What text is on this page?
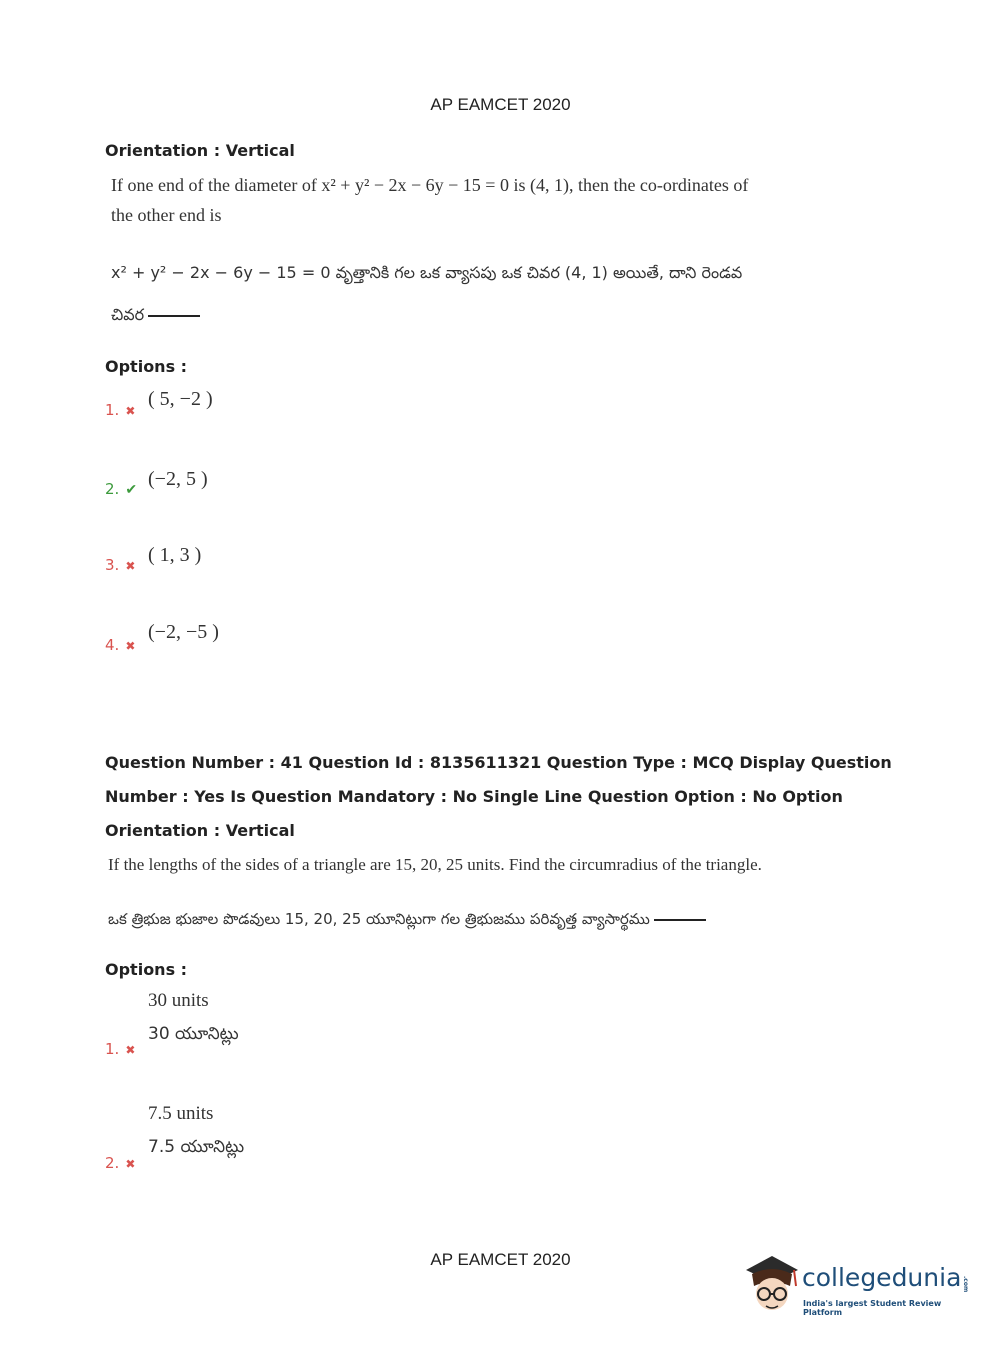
AP EAMCET 2020
Orientation : Vertical
If one end of the diameter of x² + y² − 2x − 6y − 15 = 0 is (4, 1), then the co-ordinates of
the other end is
x² + y² − 2x − 6y − 15 = 0 వృత్తానికి గల ఒక వ్యాసపు ఒక చివర (4, 1) అయితే, దాని రెండవ
చివర
Options :
1. ✖
( 5, −2 )
2. ✔ (−2, 5 )
3. ✖ ( 1, 3 )
4. ✖
(−2, −5 )
Question Number : 41 Question Id : 8135611321 Question Type : MCQ Display Question
Number : Yes Is Question Mandatory : No Single Line Question Option : No Option
Orientation : Vertical
If the lengths of the sides of a triangle are 15, 20, 25 units. Find the circumradius of the triangle.
ఒక త్రిభుజ భుజాల పొడవులు 15, 20, 25 యూనిట్లుగా గల త్రిభుజము పరివృత్త వ్యాసార్థము
Options :
30 units
30 యూనిట్లు
1. ✖
7.5 units
7.5 యూనిట్లు
2. ✖
AP EAMCET 2020
collegedunia .com
India's largest Student Review Platform
